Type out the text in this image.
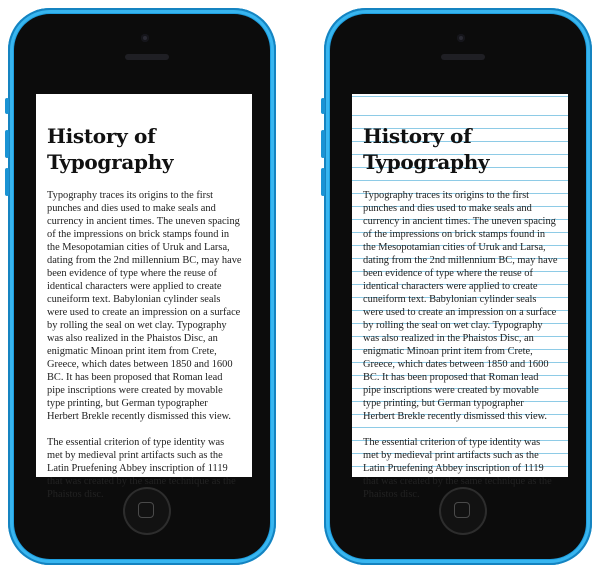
History of Typography
Typography traces its origins to the first punches and dies used to make seals and currency in ancient times. The uneven spacing of the impressions on brick stamps found in the Mesopotamian cities of Uruk and Larsa, dating from the 2nd millennium BC, may have been evidence of type where the reuse of identical characters were applied to create cuneiform text. Babylonian cylinder seals were used to create an impression on a surface by rolling the seal on wet clay. Typography was also realized in the Phaistos Disc, an enigmatic Minoan print item from Crete, Greece, which dates between 1850 and 1600 BC. It has been proposed that Roman lead pipe inscriptions were created by movable type printing, but German typographer Herbert Brekle recently dismissed this view.
The essential criterion of type identity was met by medieval print artifacts such as the Latin Pruefening Abbey inscription of 1119 that was created by the same technique as the Phaistos disc.
History of Typography
Typography traces its origins to the first punches and dies used to make seals and currency in ancient times. The uneven spacing of the impressions on brick stamps found in the Mesopotamian cities of Uruk and Larsa, dating from the 2nd millennium BC, may have been evidence of type where the reuse of identical characters were applied to create cuneiform text. Babylonian cylinder seals were used to create an impression on a surface by rolling the seal on wet clay. Typography was also realized in the Phaistos Disc, an enigmatic Minoan print item from Crete, Greece, which dates between 1850 and 1600 BC. It has been proposed that Roman lead pipe inscriptions were created by movable type printing, but German typographer Herbert Brekle recently dismissed this view.
The essential criterion of type identity was met by medieval print artifacts such as the Latin Pruefening Abbey inscription of 1119 that was created by the same technique as the Phaistos disc.
